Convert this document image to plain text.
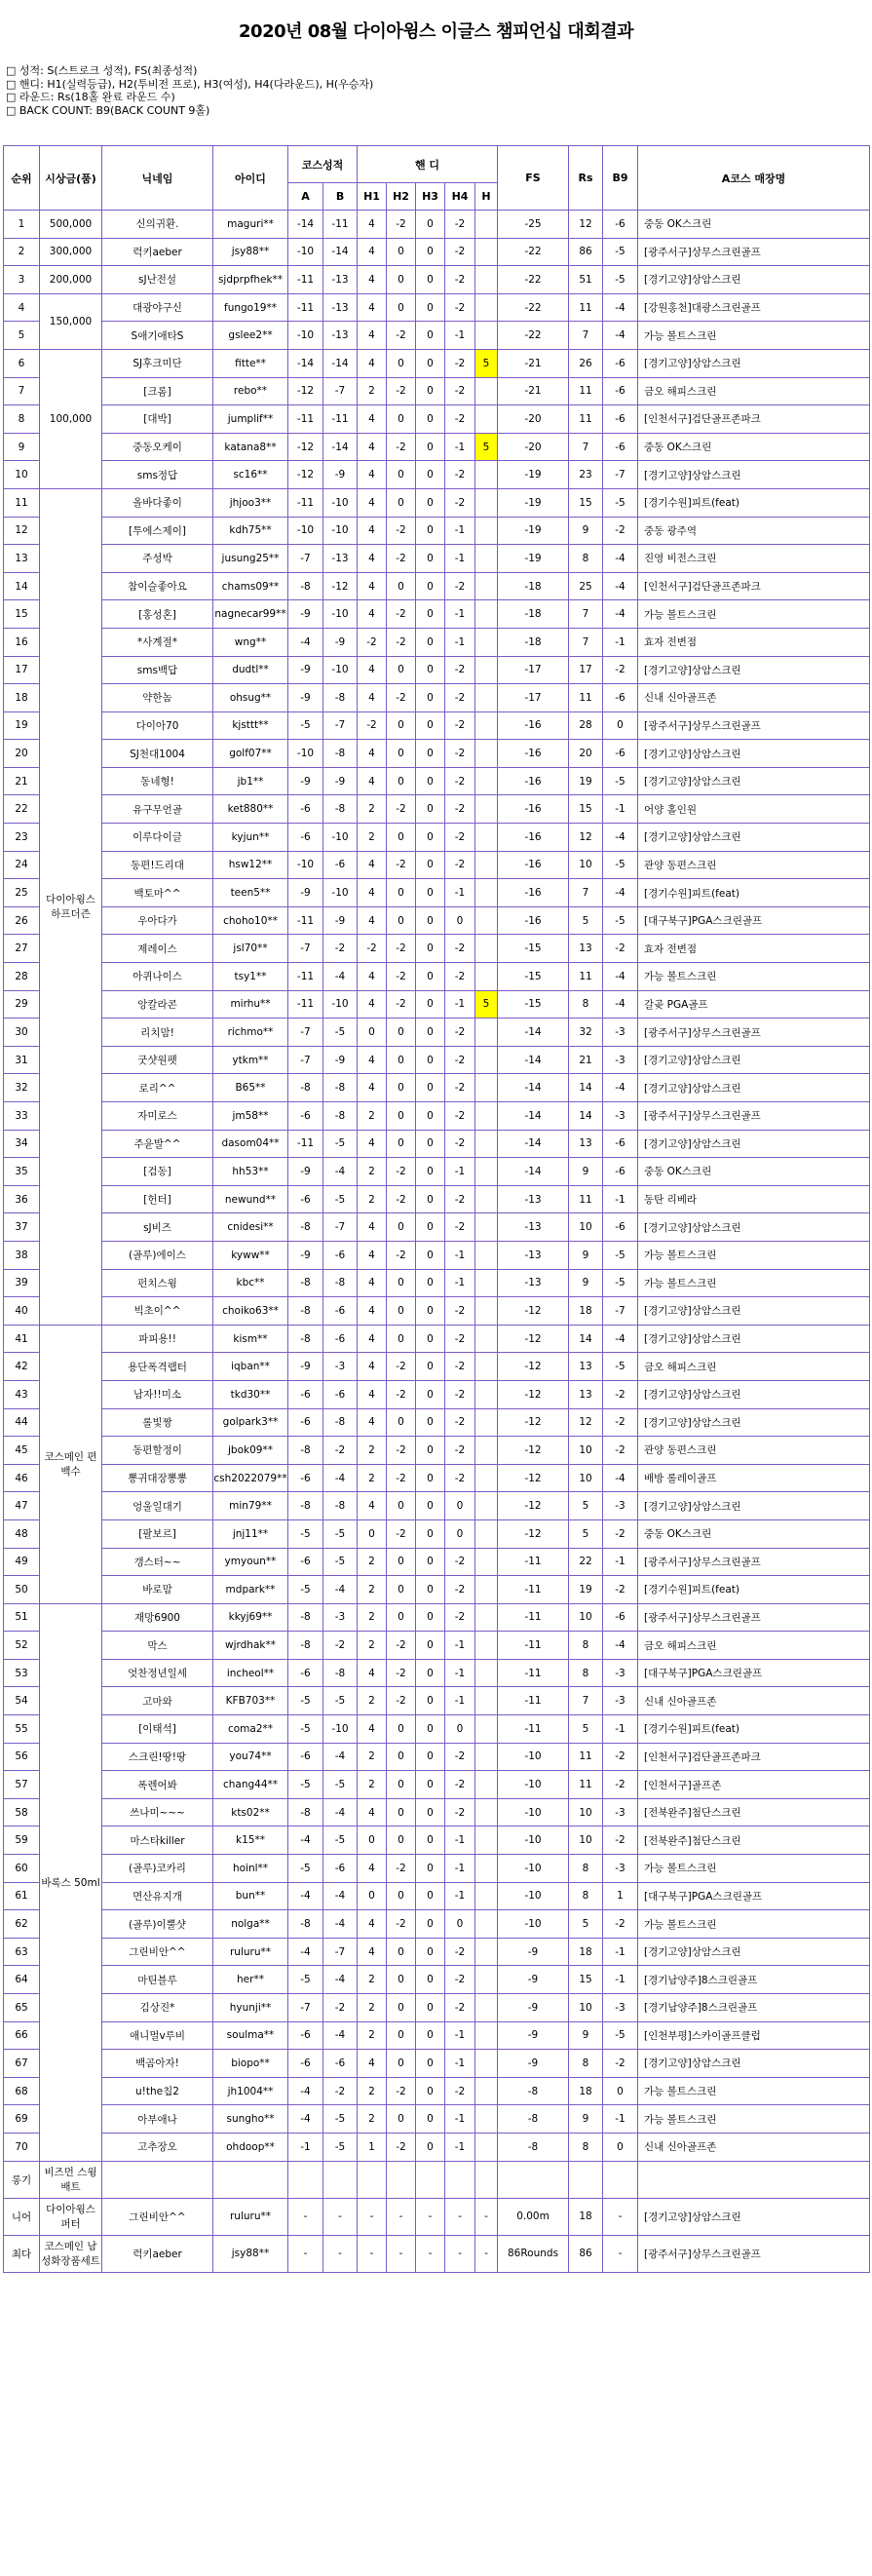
2020년 08월 다이아윙스 이글스 챔피언십 대회결과
□ 성적: S(스트로크 성적), FS(최종성적)
□ 핸디: H1(실력등급), H2(투비전 프로), H3(여성), H4(다라운드), H(우승자)
□ 라운드: Rs(18홀 완료 라운드 수)
□ BACK COUNT: B9(BACK COUNT 9홀)
순위	시상금(품)	닉네임	아이디	코스성적		핸 디					FS	Rs	B9	A코스 매장명
				A	B	H1	H2	H3	H4	H				
1	500,000	신의귀환.	maguri**	-14	-11	4	-2	0	-2		-25	12	-6	중동 OK스크린
2	300,000	럭키aeber	jsy88**	-10	-14	4	0	0	-2		-22	86	-5	[광주서구]상무스크린골프
3	200,000	sJ난전설	sjdprpfhek**	-11	-13	4	0	0	-2		-22	51	-5	[경기고양]상암스크린
4	150,000	대광야구신	fungo19**	-11	-13	4	0	0	-2		-22	11	-4	[강원홍천]대광스크린골프
5		S애기애타S	gslee2**	-10	-13	4	-2	0	-1		-22	7	-4	가능 볼트스크린
6	100,000	SJ후크미단	fitte**	-14	-14	4	0	0	-2	5	-21	26	-6	[경기고양]상암스크린
7		[크롬]	rebo**	-12	-7	2	-2	0	-2		-21	11	-6	금오 해피스크린
8		[대박]	jumplif**	-11	-11	4	0	0	-2		-20	11	-6	[인천서구]검단골프존파크
9		중동오케이	katana8**	-12	-14	4	-2	0	-1	5	-20	7	-6	중동 OK스크린
10		sms정답	sc16**	-12	-9	4	0	0	-2		-19	23	-7	[경기고양]상암스크린
11	다이아윙스 하프더즌	올바다좋이	jhjoo3**	-11	-10	4	0	0	-2		-19	15	-5	[경기수원]피트(feat)
12		[투에스제이]	kdh75**	-10	-10	4	-2	0	-1		-19	9	-2	중동 광주역
13		주성박	jusung25**	-7	-13	4	-2	0	-1		-19	8	-4	진영 비전스크린
14		참이슬좋아요	chams09**	-8	-12	4	0	0	-2		-18	25	-4	[인천서구]검단골프존파크
15		[홍성혼]	nagnecar99**	-9	-10	4	-2	0	-1		-18	7	-4	가능 볼트스크린
16		*사계절*	wng**	-4	-9	-2	-2	0	-1		-18	7	-1	효자 전변점
17		sms백답	dudtl**	-9	-10	4	0	0	-2		-17	17	-2	[경기고양]상암스크린
18		약한놈	ohsug**	-9	-8	4	-2	0	-2		-17	11	-6	신내 신아골프존
19		다이아70	kjsttt**	-5	-7	-2	0	0	-2		-16	28	0	[광주서구]상무스크린골프
20		SJ천대1004	golf07**	-10	-8	4	0	0	-2		-16	20	-6	[경기고양]상암스크린
21		동네형!	jb1**	-9	-9	4	0	0	-2		-16	19	-5	[경기고양]상암스크린
22		유구무언골	ket880**	-6	-8	2	-2	0	-2		-16	15	-1	어양 홀인원
23		이루다이글	kyjun**	-6	-10	2	0	0	-2		-16	12	-4	[경기고양]상암스크린
24		동편!드리대	hsw12**	-10	-6	4	-2	0	-2		-16	10	-5	관양 동편스크린
25		백토마^^	teen5**	-9	-10	4	0	0	-1		-16	7	-4	[경기수원]피트(feat)
26		우아다가	choho10**	-11	-9	4	0	0	0		-16	5	-5	[대구북구]PGA스크린골프
27		제레이스	jsl70**	-7	-2	-2	-2	0	-2		-15	13	-2	효자 전변점
28		아퀴나이스	tsy1**	-11	-4	4	-2	0	-2		-15	11	-4	가능 볼트스크린
29		앙칼라콘	mirhu**	-11	-10	4	-2	0	-1	5	-15	8	-4	갈곶 PGA골프
30		리치맘!	richmo**	-7	-5	0	0	0	-2		-14	32	-3	[광주서구]상무스크린골프
31		굿샷원펫	ytkm**	-7	-9	4	0	0	-2		-14	21	-3	[경기고양]상암스크린
32		로리^^	B65**	-8	-8	4	0	0	-2		-14	14	-4	[경기고양]상암스크린
33		자미로스	jm58**	-6	-8	2	0	0	-2		-14	14	-3	[광주서구]상무스크린골프
34		주윤발^^	dasom04**	-11	-5	4	0	0	-2		-14	13	-6	[경기고양]상암스크린
35		[검동]	hh53**	-9	-4	2	-2	0	-1		-14	9	-6	중동 OK스크린
36		[헌터]	newund**	-6	-5	2	-2	0	-2		-13	11	-1	동탄 리베라
37		sJ비즈	cnidesi**	-8	-7	4	0	0	-2		-13	10	-6	[경기고양]상암스크린
38		(골루)에이스	kyww**	-9	-6	4	-2	0	-1		-13	9	-5	가능 볼트스크린
39		펀치스윙	kbc**	-8	-8	4	0	0	-1		-13	9	-5	가능 볼트스크린
40		빅초이^^	choiko63**	-8	-6	4	0	0	-2		-12	18	-7	[경기고양]상암스크린
41	코스메인 편백수	파피용!!	kism**	-8	-6	4	0	0	-2		-12	14	-4	[경기고양]상암스크린
42		용단폭격랩터	iqban**	-9	-3	4	-2	0	-2		-12	13	-5	금오 해피스크린
43		남자!!미소	tkd30**	-6	-6	4	-2	0	-2		-12	13	-2	[경기고양]상암스크린
44		롤빛짱	golpark3**	-6	-8	4	0	0	-2		-12	12	-2	[경기고양]상암스크린
45		동편할정이	jbok09**	-8	-2	2	-2	0	-2		-12	10	-2	관양 동편스크린
46		뽕귀대장뽕뽕	csh2022079**	-6	-4	2	-2	0	-2		-12	10	-4	배방 롤레이골프
47		엉울일대기	min79**	-8	-8	4	0	0	0		-12	5	-3	[경기고양]상암스크린
48		[팔보르]	jnj11**	-5	-5	0	-2	0	0		-12	5	-2	중동 OK스크린
49		갱스터~~	ymyoun**	-6	-5	2	0	0	-2		-11	22	-1	[광주서구]상무스크린골프
50		바로맘	mdpark**	-5	-4	2	0	0	-2		-11	19	-2	[경기수원]피트(feat)
51	바록스 50ml	재망6900	kkyj69**	-8	-3	2	0	0	-2		-11	10	-6	[광주서구]상무스크린골프
52		막스	wjrdhak**	-8	-2	2	-2	0	-1		-11	8	-4	금오 해피스크린
53		엇찬정년일세	incheol**	-6	-8	4	-2	0	-1		-11	8	-3	[대구북구]PGA스크린골프
54		고마와	KFB703**	-5	-5	2	-2	0	-1		-11	7	-3	신내 신아골프존
55		[이태석]	coma2**	-5	-10	4	0	0	0		-11	5	-1	[경기수원]피트(feat)
56		스크린!땅!땅	you74**	-6	-4	2	0	0	-2		-10	11	-2	[인천서구]검단골프존파크
57		폭렌어봐	chang44**	-5	-5	2	0	0	-2		-10	11	-2	[인천서구]골프존
58		쓰나미~~~	kts02**	-8	-4	4	0	0	-2		-10	10	-3	[전북완주]첨단스크린
59		마스타killer	k15**	-4	-5	0	0	0	-1		-10	10	-2	[전북완주]첨단스크린
60		(골루)코카리	hoinl**	-5	-6	4	-2	0	-1		-10	8	-3	가능 볼트스크린
61		면산유지개	bun**	-4	-4	0	0	0	-1		-10	8	1	[대구북구]PGA스크린골프
62		(골루)이뿔샷	nolga**	-8	-4	4	-2	0	0		-10	5	-2	가능 볼트스크린
63		그린비안^^	ruluru**	-4	-7	4	0	0	-2		-9	18	-1	[경기고양]상암스크린
64		마틴블루	her**	-5	-4	2	0	0	-2		-9	15	-1	[경기남양주]8스크린골프
65		김상진*	hyunji**	-7	-2	2	0	0	-2		-9	10	-3	[경기남양주]8스크린골프
66		애니멀v루비	soulma**	-6	-4	2	0	0	-1		-9	9	-5	[인천부평]스카이골프클럽
67		백곰아자!	biopo**	-6	-6	4	0	0	-1		-9	8	-2	[경기고양]상암스크린
68		u!the칩2	jh1004**	-4	-2	2	-2	0	-2		-8	18	0	가능 볼트스크린
69		아부애나	sungho**	-4	-5	2	0	0	-1		-8	9	-1	가능 볼트스크린
70		고추장오	ohdoop**	-1	-5	1	-2	0	-1		-8	8	0	신내 신아골프존
롱기	비즈먼 스윙배트													
니어	다이아윙스 퍼터	그린비안^^	ruluru**	-	-	-	-	-	-	-	0.00m	18	-	[경기고양]상암스크린
최다	코스메인 남성화장품세트	럭키aeber	jsy88**	-	-	-	-	-	-	-	86Rounds	86	-	[광주서구]상무스크린골프
